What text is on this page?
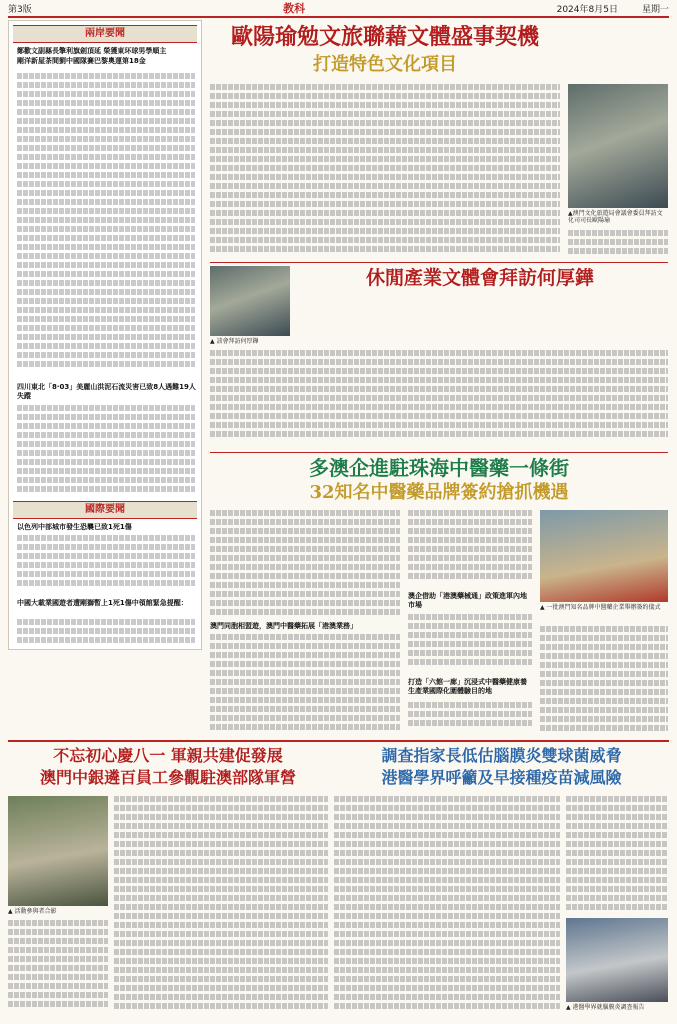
第3版	教科	2024年8月5日	星期一
兩岸要聞
鄭歡文副縣長擎利旗劍頂延 榮獲東环球男學順主
剛洋新屋茶間劉中國隊賽巴黎奧運第18金
四川東北「8·03」美麗山洪泥石流災害已致8人遇難19人失蹤
國際要聞
以色列中部城市發生恐襲已致1死1傷
中國大載業國遊者遭剛獅暫上1死1傷中領館緊急提醒：
歐陽瑜勉文旅聯藉文體盛事契機
打造特色文化項目
▲澳門文化旅遊局會議會委員拜訪文化司司長歐陽瑜
休閒產業文體會拜訪何厚鏵
▲ 該會拜訪何厚鏵
多澳企進駐珠海中醫藥一條街
32知名中醫藥品牌簽約搶抓機遇
澳門同胞相盟遊，澳門中醫藥拓展「港澳業務」
澳企借助「港澳藥械通」政策進軍內地市場
打造「六館一廊」沉浸式中醫藥健康養生產業國際化圍體驗目的地
▲ 一批澳門知名品牌中醫藥企業舉辦簽約儀式
不忘初心慶八一 軍親共建促發展
澳門中銀遴百員工參觀駐澳部隊軍營
▲ 活動參與者合影
調查指家長低估腦膜炎雙球菌威脅
港醫學界呼籲及早接種疫苗減風險
▲ 港醫學界就腦膜炎調查報告
